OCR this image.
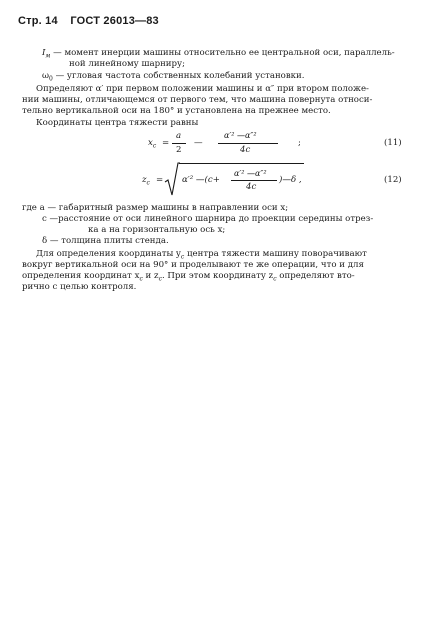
Стр. 14 ГОСТ 26013—83
$I_м$ — момент инерции машины относительно ее центральной оси, параллель-
ной линейному шарниру;
$\omega_0$ — угловая частота собственных колебаний установки.
Определяют α′ при первом положении машины и α″ при втором положе-
нии машины, отличающемся от первого тем, что машина повернута относи-
тельно вертикальной оси на 180° и установлена на прежнее место.
Координаты центра тяжести равны
$x_c$ =
a
2
—
α′² —α″²
4c
;	(11)
$z_c = \alpha'^2$ —(c+
α′² —α″²
4c
)—δ ,	(12)
где a — габаритный размер машины в направлении оси x;
c —расстояние от оси линейного шарнира до проекции середины отрез-
ка a на горизонтальную ось x;
δ — толщина плиты стенда.
Для определения координаты $y_c$ центра тяжести машину поворачивают
вокруг вертикальной оси на 90° и проделывают те же операции, что и для
определения координат $x_c$ и $z_c$. При этом координату $z_c$ определяют вто-
рично с целью контроля.
